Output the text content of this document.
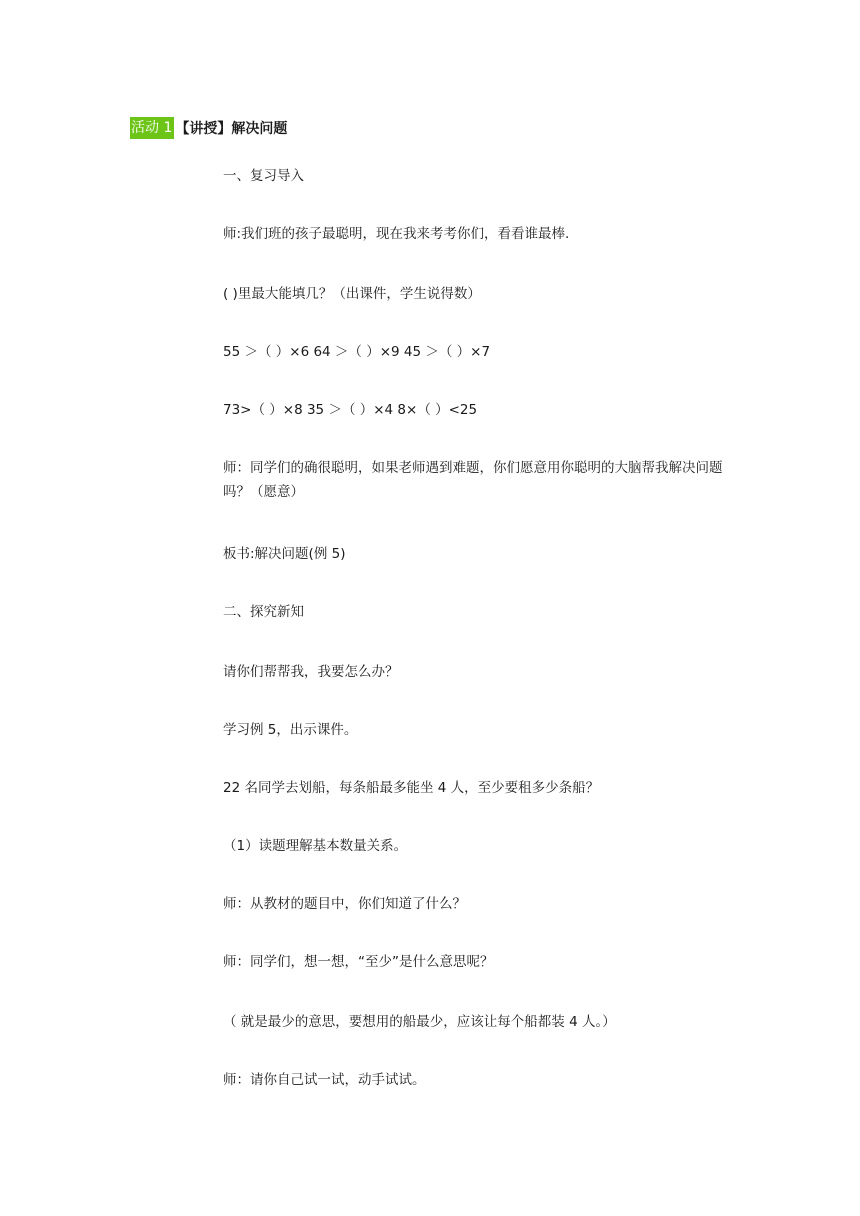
活动 1 【讲授】解决问题
一、复习导入
师:我们班的孩子最聪明，现在我来考考你们，看看谁最棒.
( )里最大能填几？（出课件，学生说得数）
55 ＞（ ）×6 64 ＞（ ）×9 45 ＞（ ）×7
73>（ ）×8 35 ＞（ ）×4 8×（ ）<25
师：同学们的确很聪明，如果老师遇到难题，你们愿意用你聪明的大脑帮我解决问题吗？（愿意）
板书:解决问题(例 5)
二、探究新知
请你们帮帮我，我要怎么办？
学习例 5，出示课件。
22 名同学去划船，每条船最多能坐 4 人，至少要租多少条船？
（1）读题理解基本数量关系。
师：从教材的题目中，你们知道了什么？
师：同学们，想一想，“至少”是什么意思呢？
（ 就是最少的意思，要想用的船最少，应该让每个船都装 4 人。）
师：请你自己试一试，动手试试。
